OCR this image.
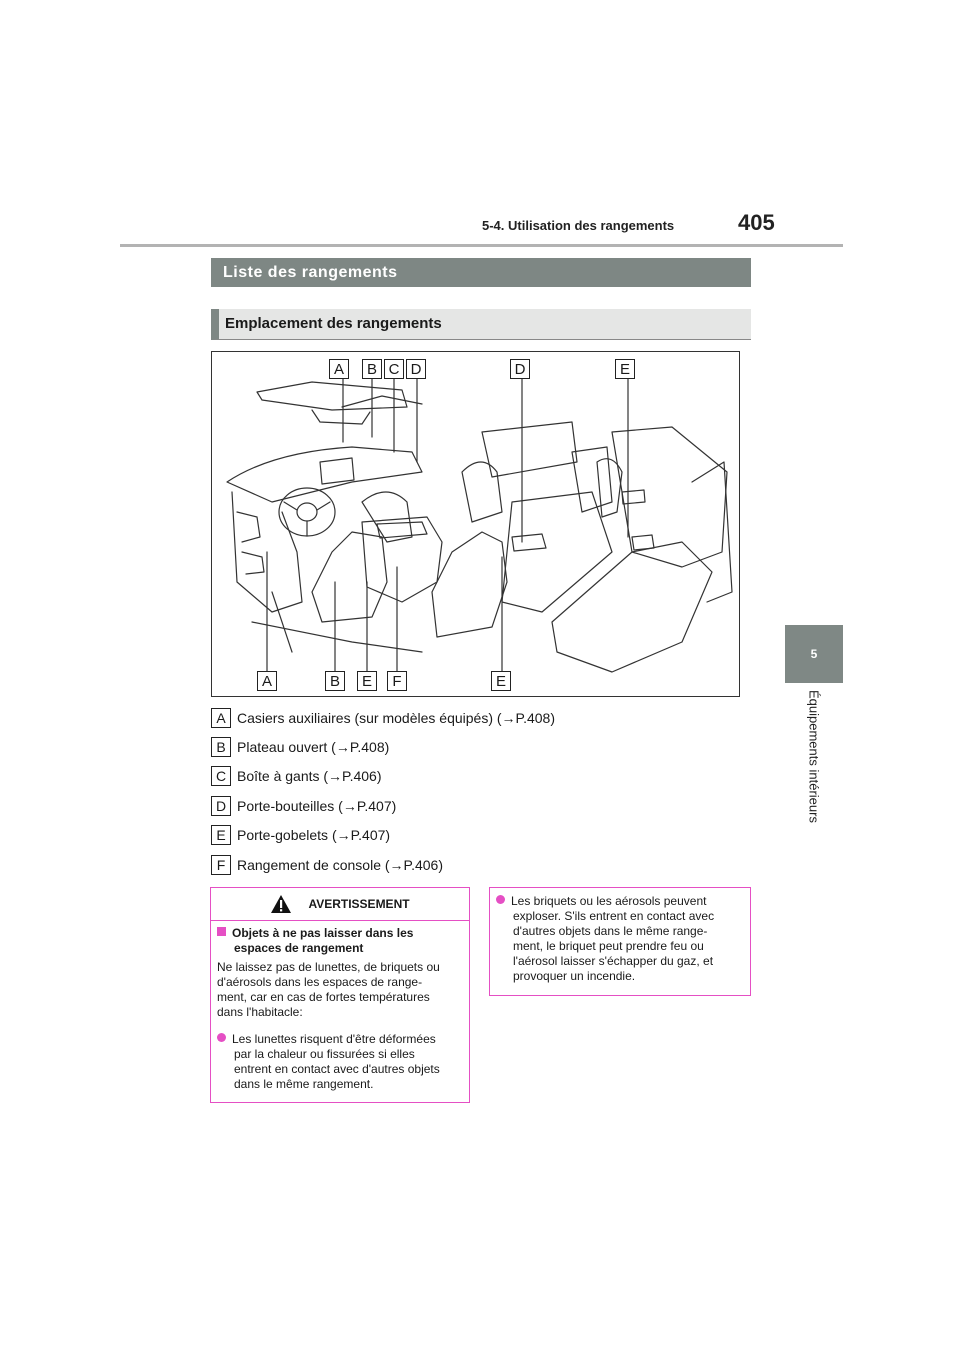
5-4. Utilisation des rangements	405
5
Équipements intérieurs
Liste des rangements
Emplacement des rangements
A	B C D	D	E
A	B	E	F	E
A Casiers auxiliaires (sur modèles équipés) (→P.408)
B Plateau ouvert (→P.408)
C Boîte à gants (→P.406)
D Porte-bouteilles (→P.407)
E Porte-gobelets (→P.407)
F Rangement de console (→P.406)
AVERTISSEMENT
Objets à ne pas laisser dans les
espaces de rangement
Ne laissez pas de lunettes, de briquets ou
d'aérosols dans les espaces de range-
ment, car en cas de fortes températures
dans l'habitacle:
Les lunettes risquent d'être déformées
par la chaleur ou fissurées si elles
entrent en contact avec d'autres objets
dans le même rangement.
Les briquets ou les aérosols peuvent
exploser. S'ils entrent en contact avec
d'autres objets dans le même range-
ment, le briquet peut prendre feu ou
l'aérosol laisser s'échapper du gaz, et
provoquer un incendie.
